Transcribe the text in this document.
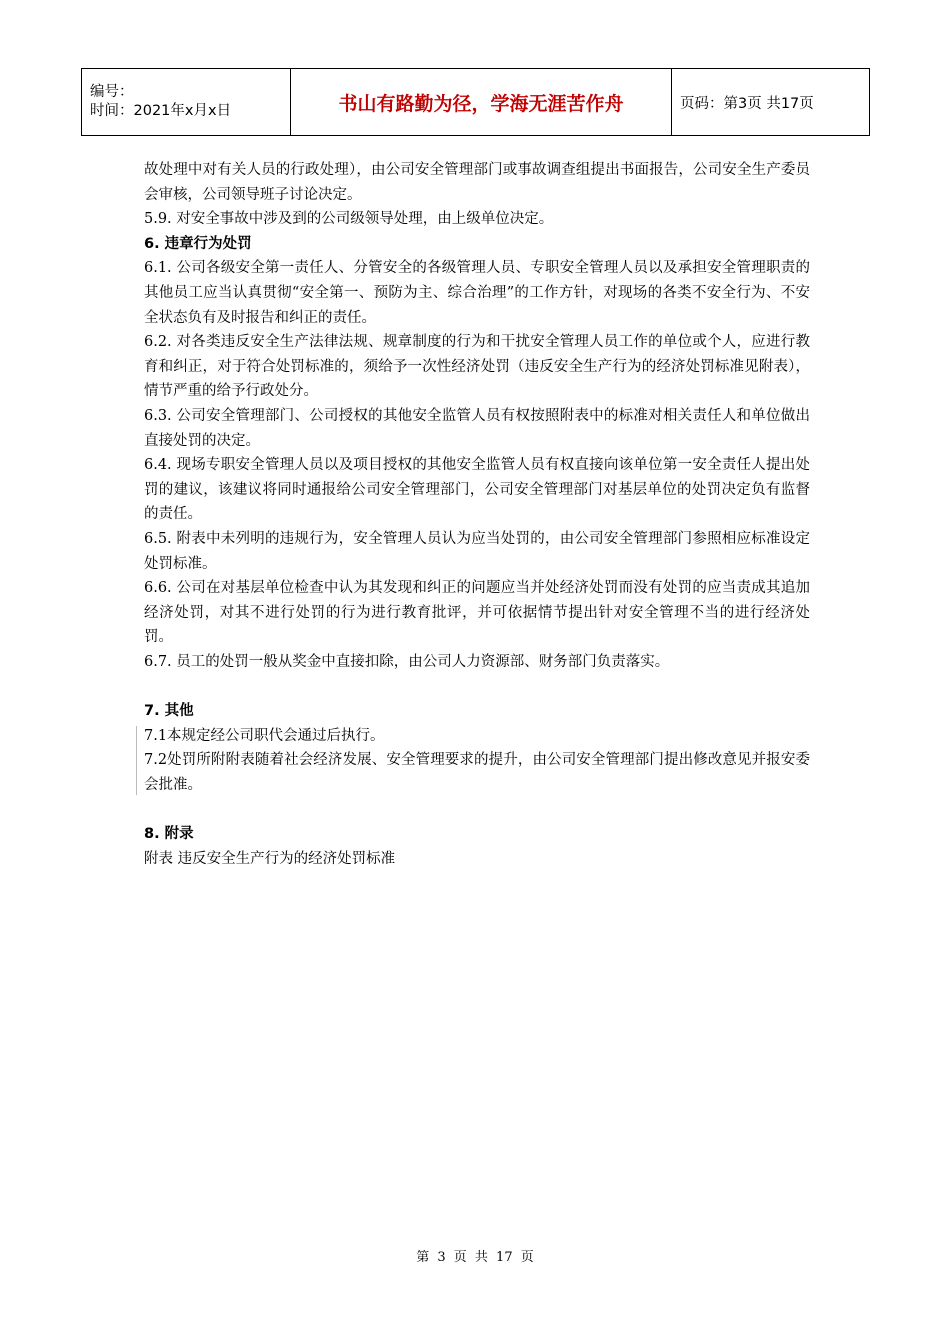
编号：
时间：2021年x月x日	书山有路勤为径，学海无涯苦作舟	页码：第3页 共17页

故处理中对有关人员的行政处理），由公司安全管理部门或事故调查组提出书面报告，公司安全生产委员会审核，公司领导班子讨论决定。

5.9. 对安全事故中涉及到的公司级领导处理，由上级单位决定。

6. 违章行为处罚

6.1. 公司各级安全第一责任人、分管安全的各级管理人员、专职安全管理人员以及承担安全管理职责的其他员工应当认真贯彻“安全第一、预防为主、综合治理”的工作方针，对现场的各类不安全行为、不安全状态负有及时报告和纠正的责任。

6.2. 对各类违反安全生产法律法规、规章制度的行为和干扰安全管理人员工作的单位或个人，应进行教育和纠正，对于符合处罚标准的，须给予一次性经济处罚（违反安全生产行为的经济处罚标准见附表），情节严重的给予行政处分。

6.3. 公司安全管理部门、公司授权的其他安全监管人员有权按照附表中的标准对相关责任人和单位做出直接处罚的决定。

6.4. 现场专职安全管理人员以及项目授权的其他安全监管人员有权直接向该单位第一安全责任人提出处罚的建议，该建议将同时通报给公司安全管理部门，公司安全管理部门对基层单位的处罚决定负有监督的责任。

6.5. 附表中未列明的违规行为，安全管理人员认为应当处罚的，由公司安全管理部门参照相应标准设定处罚标准。

6.6. 公司在对基层单位检查中认为其发现和纠正的问题应当并处经济处罚而没有处罚的应当责成其追加经济处罚，对其不进行处罚的行为进行教育批评，并可依据情节提出针对安全管理不当的进行经济处罚。

6.7. 员工的处罚一般从奖金中直接扣除，由公司人力资源部、财务部门负责落实。

7. 其他

7.1本规定经公司职代会通过后执行。

7.2处罚所附附表随着社会经济发展、安全管理要求的提升，由公司安全管理部门提出修改意见并报安委会批准。

8. 附录

附表 违反安全生产行为的经济处罚标准

第 3 页 共 17 页
